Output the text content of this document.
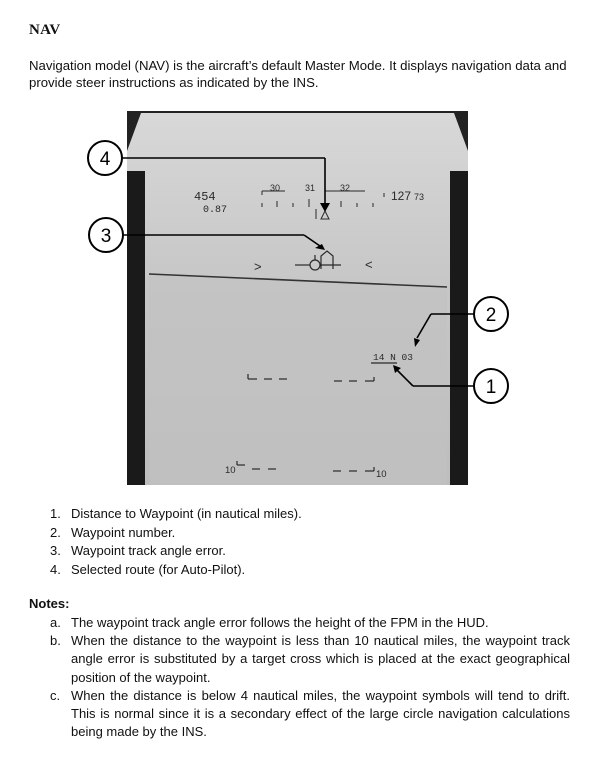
NAV
Navigation model (NAV) is the aircraft’s default Master Mode. It displays navigation data and provide steer instructions as indicated by the INS.
454
0.87
30	31	32
127 73
>	<
14 N 03
10	10
4
3
2
1
1. Distance to Waypoint (in nautical miles).
2. Waypoint number.
3. Waypoint track angle error.
4. Selected route (for Auto-Pilot).
Notes:
a. The waypoint track angle error follows the height of the FPM in the HUD.
b. When the distance to the waypoint is less than 10 nautical miles, the waypoint track angle error is substituted by a target cross which is placed at the exact geographical position of the waypoint.
c. When the distance is below 4 nautical miles, the waypoint symbols will tend to drift. This is normal since it is a secondary effect of the large circle navigation calculations being made by the INS.
